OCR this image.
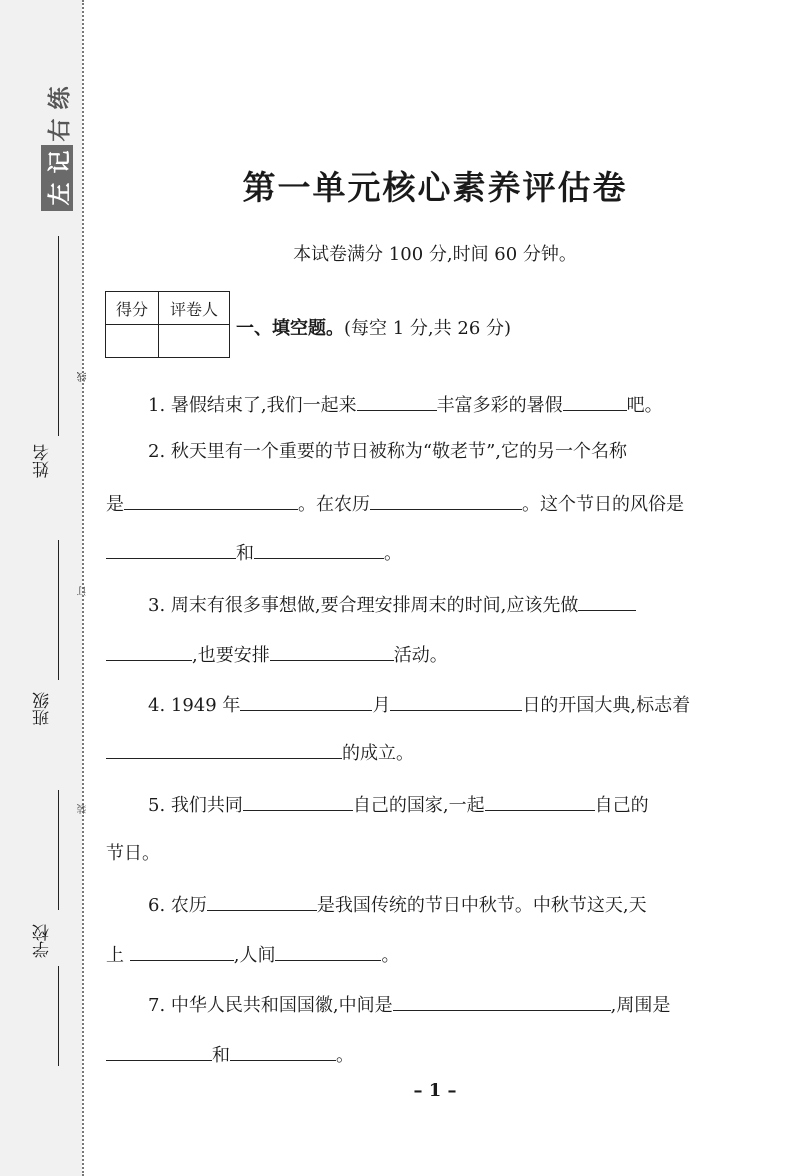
左
记
右
练
姓名
班级
学校
线
订
装
第一单元核心素养评估卷
本试卷满分 100 分,时间 60 分钟。
得分	评卷人

一、填空题。(每空 1 分,共 26 分)
1. 暑假结束了,我们一起来	丰富多彩的暑假	吧。
2. 秋天里有一个重要的节日被称为“敬老节”,它的另一个名称
是	。在农历	。这个节日的风俗是
和	。
3. 周末有很多事想做,要合理安排周末的时间,应该先做
,也要安排	活动。
4. 1949 年	月	日的开国大典,标志着
的成立。
5. 我们共同	自己的国家,一起	自己的
节日。
6. 农历	是我国传统的节日中秋节。中秋节这天,天
上	,人间	。
7. 中华人民共和国国徽,中间是	,周围是
和	。
– 1 –
